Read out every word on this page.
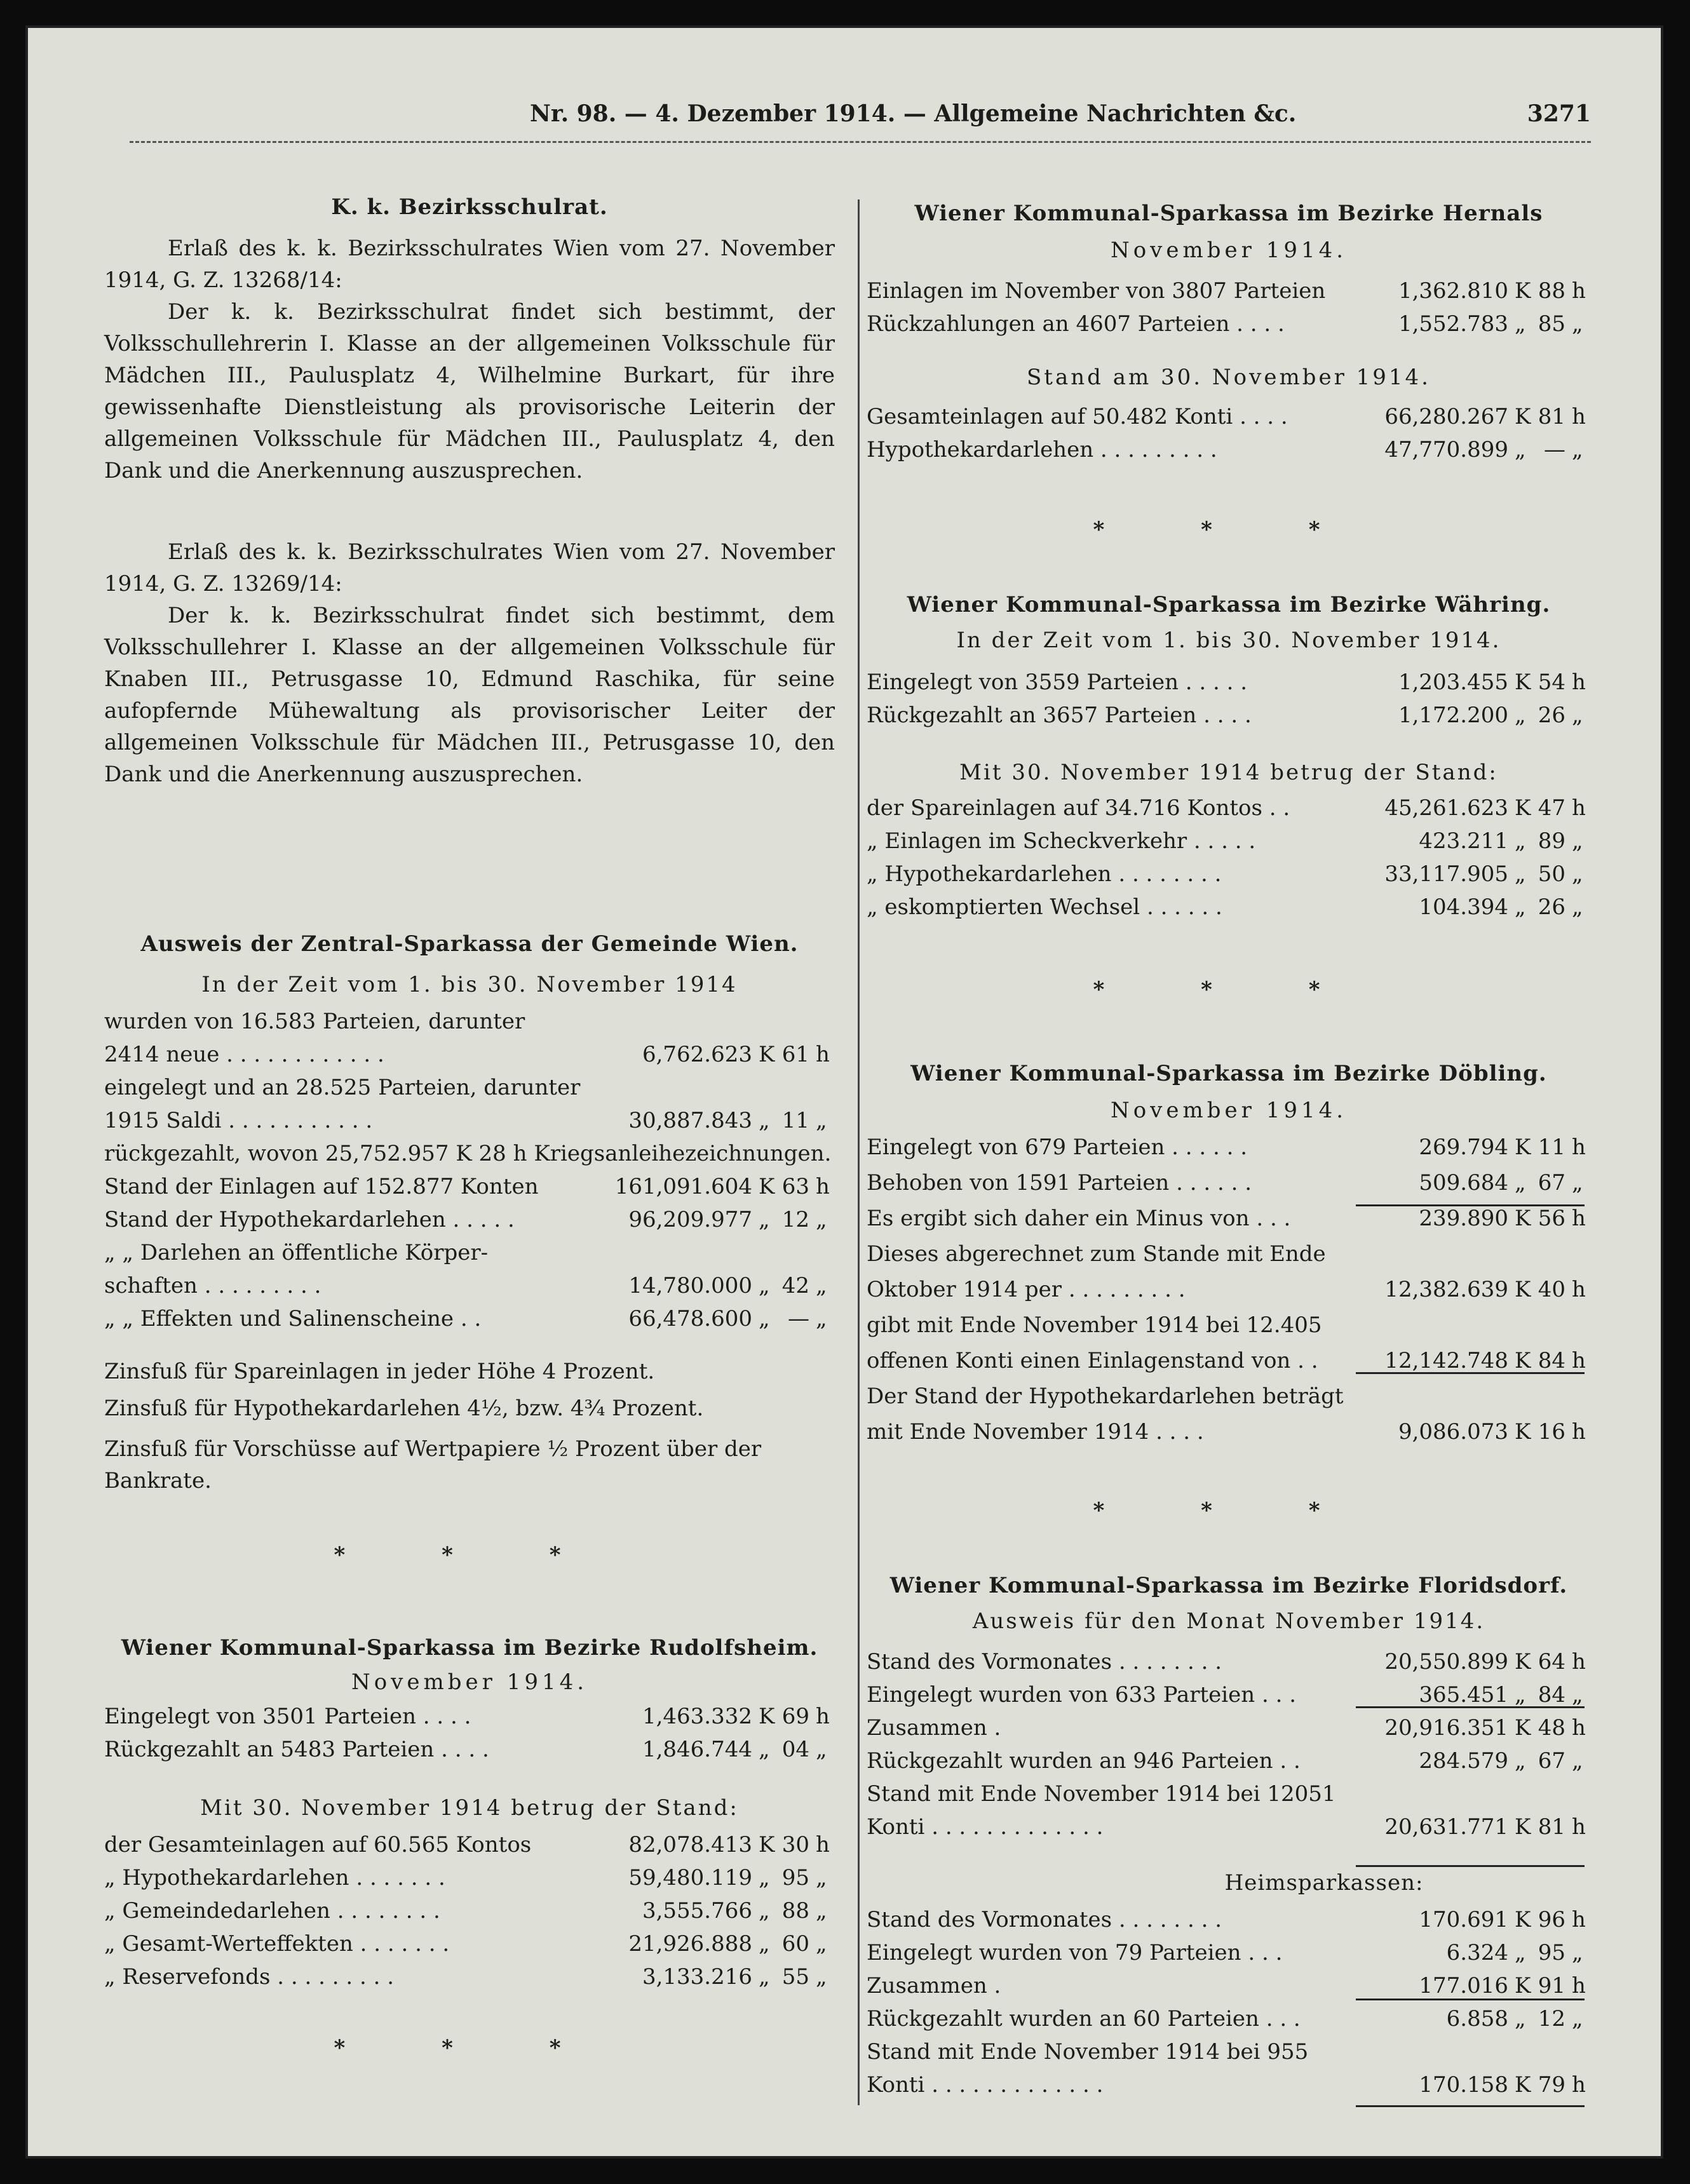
Nr. 98. — 4. Dezember 1914. — Allgemeine Nachrichten &c.	3271
K. k. Bezirksschulrat.
Erlaß des k. k. Bezirksschulrates Wien vom 27. November 1914, G. Z. 13268/14:
Der k. k. Bezirksschulrat findet sich bestimmt, der Volksschullehrerin I. Klasse an der allgemeinen Volksschule für Mädchen III., Paulusplatz 4, Wilhelmine Burkart, für ihre gewissenhafte Dienstleistung als provisorische Leiterin der allgemeinen Volksschule für Mädchen III., Paulusplatz 4, den Dank und die Anerkennung auszusprechen.
Erlaß des k. k. Bezirksschulrates Wien vom 27. November 1914, G. Z. 13269/14:
Der k. k. Bezirksschulrat findet sich bestimmt, dem Volksschullehrer I. Klasse an der allgemeinen Volksschule für Knaben III., Petrusgasse 10, Edmund Raschika, für seine aufopfernde Mühewaltung als provisorischer Leiter der allgemeinen Volksschule für Mädchen III., Petrusgasse 10, den Dank und die Anerkennung auszusprechen.
Ausweis der Zentral-Sparkassa der Gemeinde Wien.
In der Zeit vom 1. bis 30. November 1914
wurden von 16.583 Parteien, darunter
2414 neue . . . . . . . . . . . .	6,762.623 K 61 h
eingelegt und an 28.525 Parteien, darunter
1915 Saldi . . . . . . . . . . .	30,887.843 „ 11 „
rückgezahlt, wovon 25,752.957 K 28 h Kriegsanleihezeichnungen.
Stand der Einlagen auf 152.877 Konten	161,091.604 K 63 h
Stand der Hypothekardarlehen . . . . .	96,209.977 „ 12 „
„ „ Darlehen an öffentliche Körper-
schaften . . . . . . . . .	14,780.000 „ 42 „
„ „ Effekten und Salinenscheine . .	66,478.600 „ — „
Zinsfuß für Spareinlagen in jeder Höhe 4 Prozent.
Zinsfuß für Hypothekardarlehen 4½, bzw. 4¾ Prozent.
Zinsfuß für Vorschüsse auf Wertpapiere ½ Prozent über der Bankrate.
* * *
Wiener Kommunal-Sparkassa im Bezirke Rudolfsheim.
November 1914.
Eingelegt von 3501 Parteien . . . .	1,463.332 K 69 h
Rückgezahlt an 5483 Parteien . . . .	1,846.744 „ 04 „
Mit 30. November 1914 betrug der Stand:
der Gesamteinlagen auf 60.565 Kontos	82,078.413 K 30 h
„ Hypothekardarlehen . . . . . . .	59,480.119 „ 95 „
„ Gemeindedarlehen . . . . . . . .	3,555.766 „ 88 „
„ Gesamt-Werteffekten . . . . . . .	21,926.888 „ 60 „
„ Reservefonds . . . . . . . . .	3,133.216 „ 55 „
* * *
Wiener Kommunal-Sparkassa im Bezirke Hernals
November 1914.
Einlagen im November von 3807 Parteien	1,362.810 K 88 h
Rückzahlungen an 4607 Parteien . . . .	1,552.783 „ 85 „
Stand am 30. November 1914.
Gesamteinlagen auf 50.482 Konti . . . .	66,280.267 K 81 h
Hypothekardarlehen . . . . . . . . .	47,770.899 „ — „
* * *
Wiener Kommunal-Sparkassa im Bezirke Währing.
In der Zeit vom 1. bis 30. November 1914.
Eingelegt von 3559 Parteien . . . . .	1,203.455 K 54 h
Rückgezahlt an 3657 Parteien . . . .	1,172.200 „ 26 „
Mit 30. November 1914 betrug der Stand:
der Spareinlagen auf 34.716 Kontos . .	45,261.623 K 47 h
„ Einlagen im Scheckverkehr . . . . .	423.211 „ 89 „
„ Hypothekardarlehen . . . . . . . .	33,117.905 „ 50 „
„ eskomptierten Wechsel . . . . . .	104.394 „ 26 „
* * *
Wiener Kommunal-Sparkassa im Bezirke Döbling.
November 1914.
Eingelegt von 679 Parteien . . . . . .	269.794 K 11 h
Behoben von 1591 Parteien . . . . . .	509.684 „ 67 „
Es ergibt sich daher ein Minus von . . .	239.890 K 56 h
Dieses abgerechnet zum Stande mit Ende
Oktober 1914 per . . . . . . . . .	12,382.639 K 40 h
gibt mit Ende November 1914 bei 12.405
offenen Konti einen Einlagenstand von . .	12,142.748 K 84 h
Der Stand der Hypothekardarlehen beträgt
mit Ende November 1914 . . . .	9,086.073 K 16 h
* * *
Wiener Kommunal-Sparkassa im Bezirke Floridsdorf.
Ausweis für den Monat November 1914.
Stand des Vormonates . . . . . . . .	20,550.899 K 64 h
Eingelegt wurden von 633 Parteien . . .	365.451 „ 84 „
Zusammen .	20,916.351 K 48 h
Rückgezahlt wurden an 946 Parteien . .	284.579 „ 67 „
Stand mit Ende November 1914 bei 12051
Konti . . . . . . . . . . . . .	20,631.771 K 81 h
Heimsparkassen:
Stand des Vormonates . . . . . . . .	170.691 K 96 h
Eingelegt wurden von 79 Parteien . . .	6.324 „ 95 „
Zusammen .	177.016 K 91 h
Rückgezahlt wurden an 60 Parteien . . .	6.858 „ 12 „
Stand mit Ende November 1914 bei 955
Konti . . . . . . . . . . . . .	170.158 K 79 h
